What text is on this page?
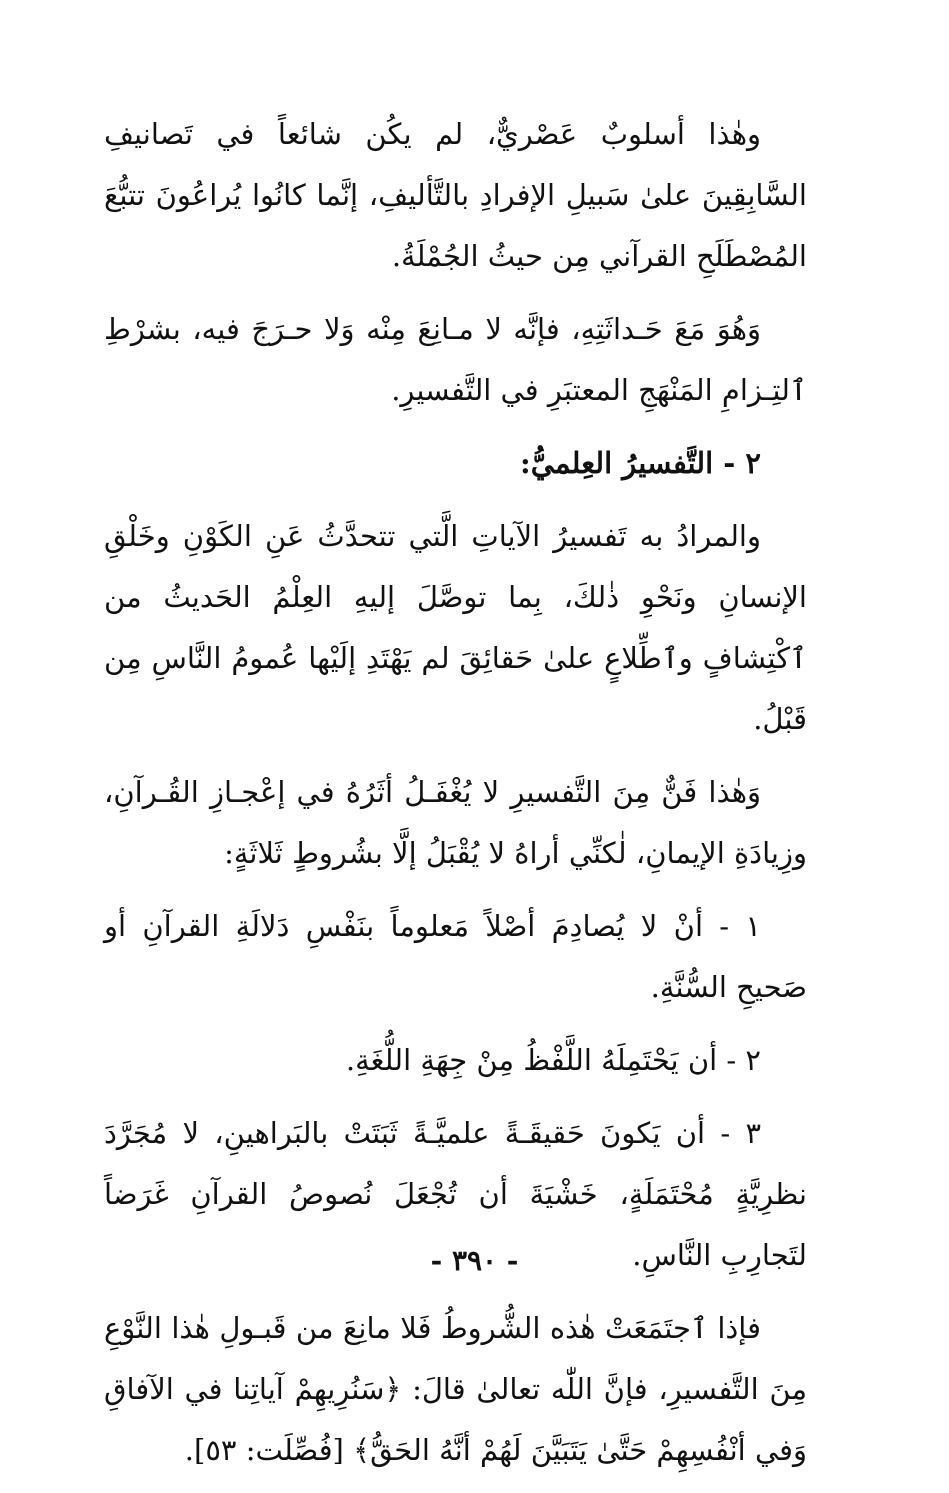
وهٰذا أسلوبٌ عَصْريٌّ، لم يكُن شائعاً في تَصانيفِ السَّابِقِينَ علىٰ سَبيلِ الإفرادِ بالتَّأليفِ، إنَّما كانُوا يُراعُونَ تتبُّعَ المُصْطَلَحِ القرآني مِن حيثُ الجُمْلَةُ.

وَهُوَ مَعَ حَـداثَتِهِ، فإنَّه لا مـانِعَ مِنْه وَلا حـرَجَ فيه، بشرْطِ ٱلتِـزامِ المَنْهَجِ المعتبَرِ في التَّفسيرِ.

٢ - التَّفسيرُ العِلميُّ:

والمرادُ به تَفسيرُ الآياتِ الَّتي تتحدَّثُ عَنِ الكَوْنِ وخَلْقِ الإنسانِ ونَحْوِ ذٰلكَ، بِما توصَّلَ إليهِ العِلْمُ الحَديثُ من ٱكْتِشافٍ وٱطِّلاعٍ علىٰ حَقائِقَ لم يَهْتَدِ إلَيْها عُمومُ النَّاسِ مِن قَبْلُ.

وَهٰذا فَنٌّ مِنَ التَّفسيرِ لا يُغْفَـلُ أثَرُهُ في إعْجـازِ القُـرآنِ، وزِيادَةِ الإيمانِ، لٰكنِّي أراهُ لا يُقْبَلُ إلَّا بشُروطٍ ثَلاثَةٍ:

١ - أنْ لا يُصادِمَ أصْلاً مَعلوماً بنَفْسِ دَلالَةِ القرآنِ أو صَحيحِ السُّنَّةِ.

٢ - أن يَحْتَمِلَهُ اللَّفْظُ مِنْ جِهَةِ اللُّغَةِ.

٣ - أن يَكونَ حَقيقَـةً علميَّـةً ثَبَتَتْ بالبَراهينِ، لا مُجَرَّدَ نظرِيَّةٍ مُحْتَمَلَةٍ، خَشْيَةَ أن تُجْعَلَ نُصوصُ القرآنِ غَرَضاً لتَجارِبِ النَّاسِ.

فإذا ٱجتَمَعَتْ هٰذه الشُّروطُ فَلا مانِعَ من قَبـولِ هٰذا النَّوْعِ مِنَ التَّفسيرِ، فإنَّ اللّٰه تعالىٰ قالَ: ﴿سَنُرِيهِمْ آياتِنا في الآفاقِ وَفي أنْفُسِهِمْ حَتَّىٰ يَتَبَيَّنَ لَهُمْ أنَّهُ الحَقُّ﴾ [فُصِّلَت: ٥٣].

- ٣٩٠ -
